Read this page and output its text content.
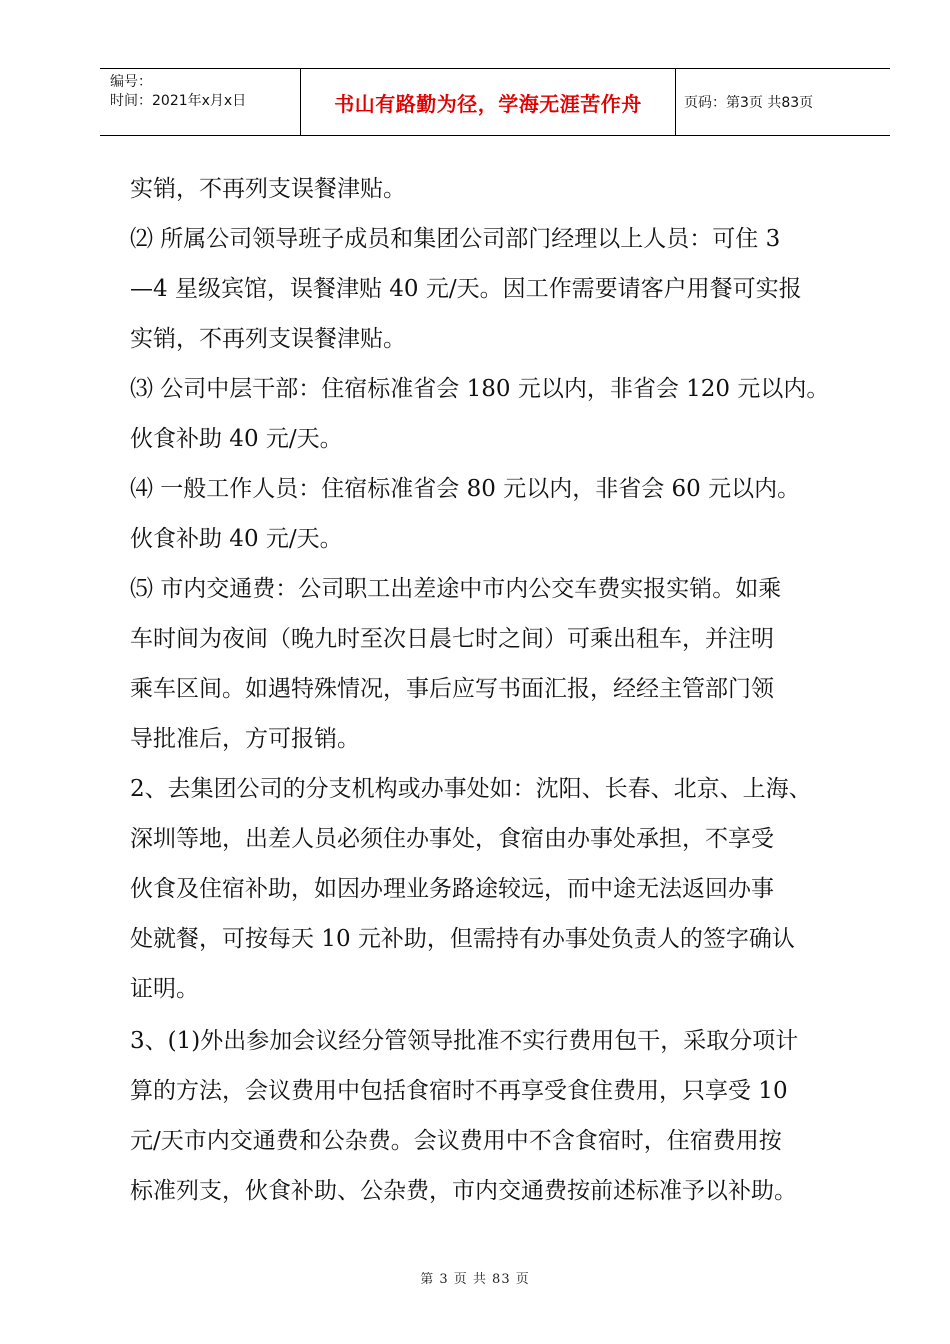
编号：
时间：2021年x月x日	书山有路勤为径，学海无涯苦作舟	页码：第3页 共83页
实销，不再列支误餐津贴。
⑵ 所属公司领导班子成员和集团公司部门经理以上人员：可住 3
—4 星级宾馆，误餐津贴 40 元/天。因工作需要请客户用餐可实报
实销，不再列支误餐津贴。
⑶ 公司中层干部：住宿标准省会 180 元以内，非省会 120 元以内。
伙食补助 40 元/天。
⑷ 一般工作人员：住宿标准省会 80 元以内，非省会 60 元以内。
伙食补助 40 元/天。
⑸ 市内交通费：公司职工出差途中市内公交车费实报实销。如乘
车时间为夜间（晚九时至次日晨七时之间）可乘出租车，并注明
乘车区间。如遇特殊情况，事后应写书面汇报，经经主管部门领
导批准后，方可报销。
2、去集团公司的分支机构或办事处如：沈阳、长春、北京、上海、
深圳等地，出差人员必须住办事处，食宿由办事处承担，不享受
伙食及住宿补助，如因办理业务路途较远，而中途无法返回办事
处就餐，可按每天 10 元补助，但需持有办事处负责人的签字确认
证明。
3、(1)外出参加会议经分管领导批准不实行费用包干，采取分项计
算的方法，会议费用中包括食宿时不再享受食住费用，只享受 10
元/天市内交通费和公杂费。会议费用中不含食宿时，住宿费用按
标准列支，伙食补助、公杂费，市内交通费按前述标准予以补助。
第 3 页 共 83 页
